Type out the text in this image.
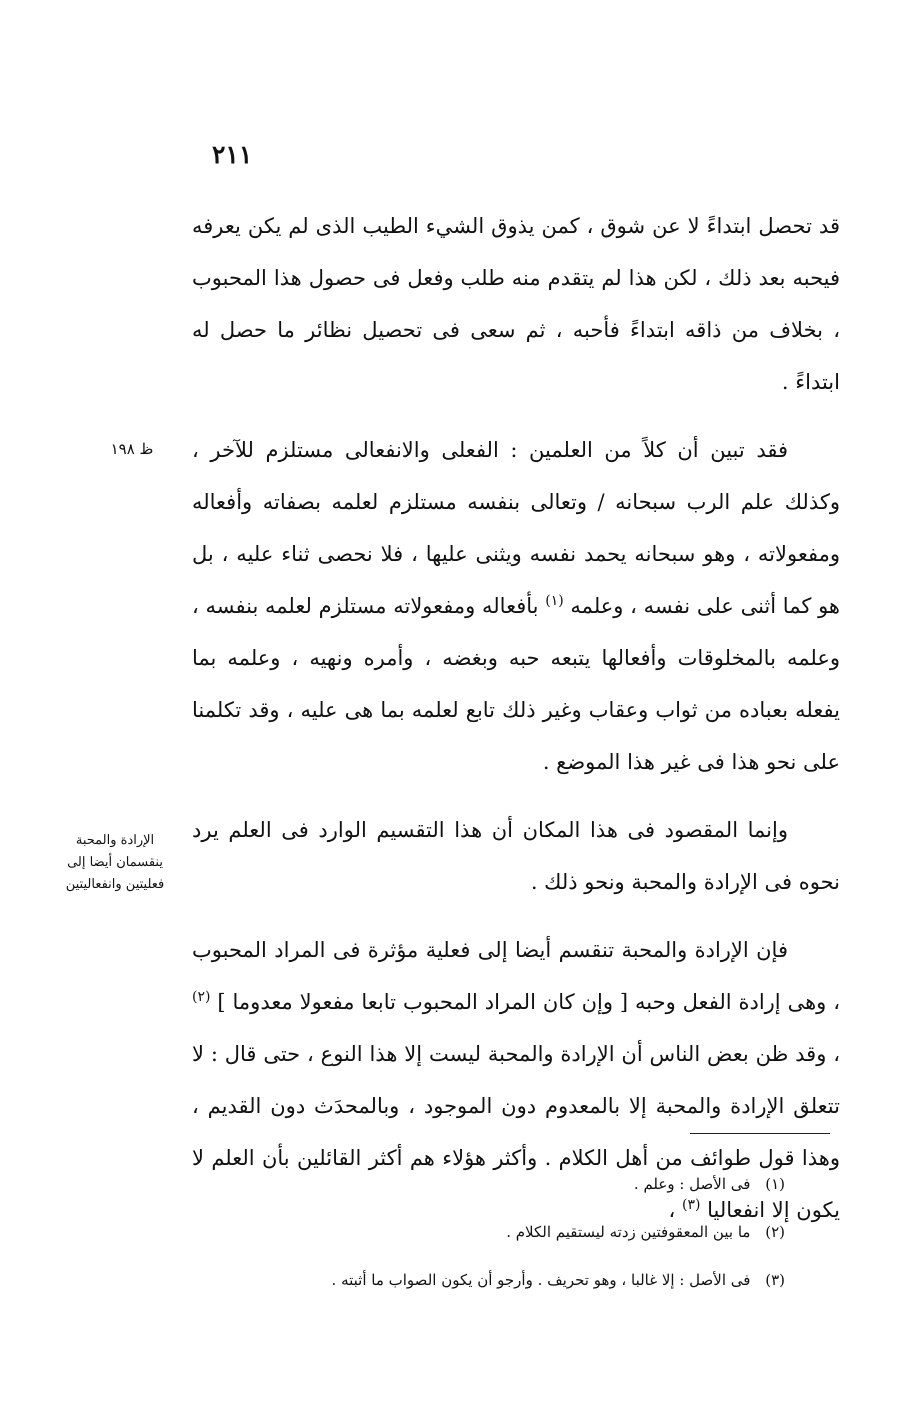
٢١١
ظ ١٩٨
الإرادة والمحبة ينقسمان أيضا إلى فعليتين وانفعاليتين

قد تحصل ابتداءً لا عن شوق ، كمن يذوق الشيء الطيب الذى لم يكن يعرفه فيحبه بعد ذلك ، لكن هذا لم يتقدم منه طلب وفعل فى حصول هذا المحبوب ، بخلاف من ذاقه ابتداءً فأحبه ، ثم سعى فى تحصيل نظائر ما حصل له ابتداءً .

فقد تبين أن كلاً من العلمين : الفعلى والانفعالى مستلزم للآخر ، وكذلك علم الرب سبحانه / وتعالى بنفسه مستلزم لعلمه بصفاته وأفعاله ومفعولاته ، وهو سبحانه يحمد نفسه ويثنى عليها ، فلا نحصى ثناء عليه ، بل هو كما أثنى على نفسه ، وعلمه $^{(١)}$ بأفعاله ومفعولاته مستلزم لعلمه بنفسه ، وعلمه بالمخلوقات وأفعالها يتبعه حبه وبغضه ، وأمره ونهيه ، وعلمه بما يفعله بعباده من ثواب وعقاب وغير ذلك تابع لعلمه بما هى عليه ، وقد تكلمنا على نحو هذا فى غير هذا الموضع .

وإنما المقصود فى هذا المكان أن هذا التقسيم الوارد فى العلم يرد نحوه فى الإرادة والمحبة ونحو ذلك .

فإن الإرادة والمحبة تنقسم أيضا إلى فعلية مؤثرة فى المراد المحبوب ، وهى إرادة الفعل وحبه [ وإن كان المراد المحبوب تابعا مفعولا معدوما ] $^{(٢)}$ ، وقد ظن بعض الناس أن الإرادة والمحبة ليست إلا هذا النوع ، حتى قال : لا تتعلق الإرادة والمحبة إلا بالمعدوم دون الموجود ، وبالمحدَث دون القديم ، وهذا قول طوائف من أهل الكلام . وأكثر هؤلاء هم أكثر القائلين بأن العلم لا يكون إلا انفعاليا $^{(٣)}$ ،

(١) فى الأصل : وعلم .

(٢) ما بين المعقوفتين زدته ليستقيم الكلام .

(٣) فى الأصل : إلا غالبا ، وهو تحريف . وأرجو أن يكون الصواب ما أثبته .
